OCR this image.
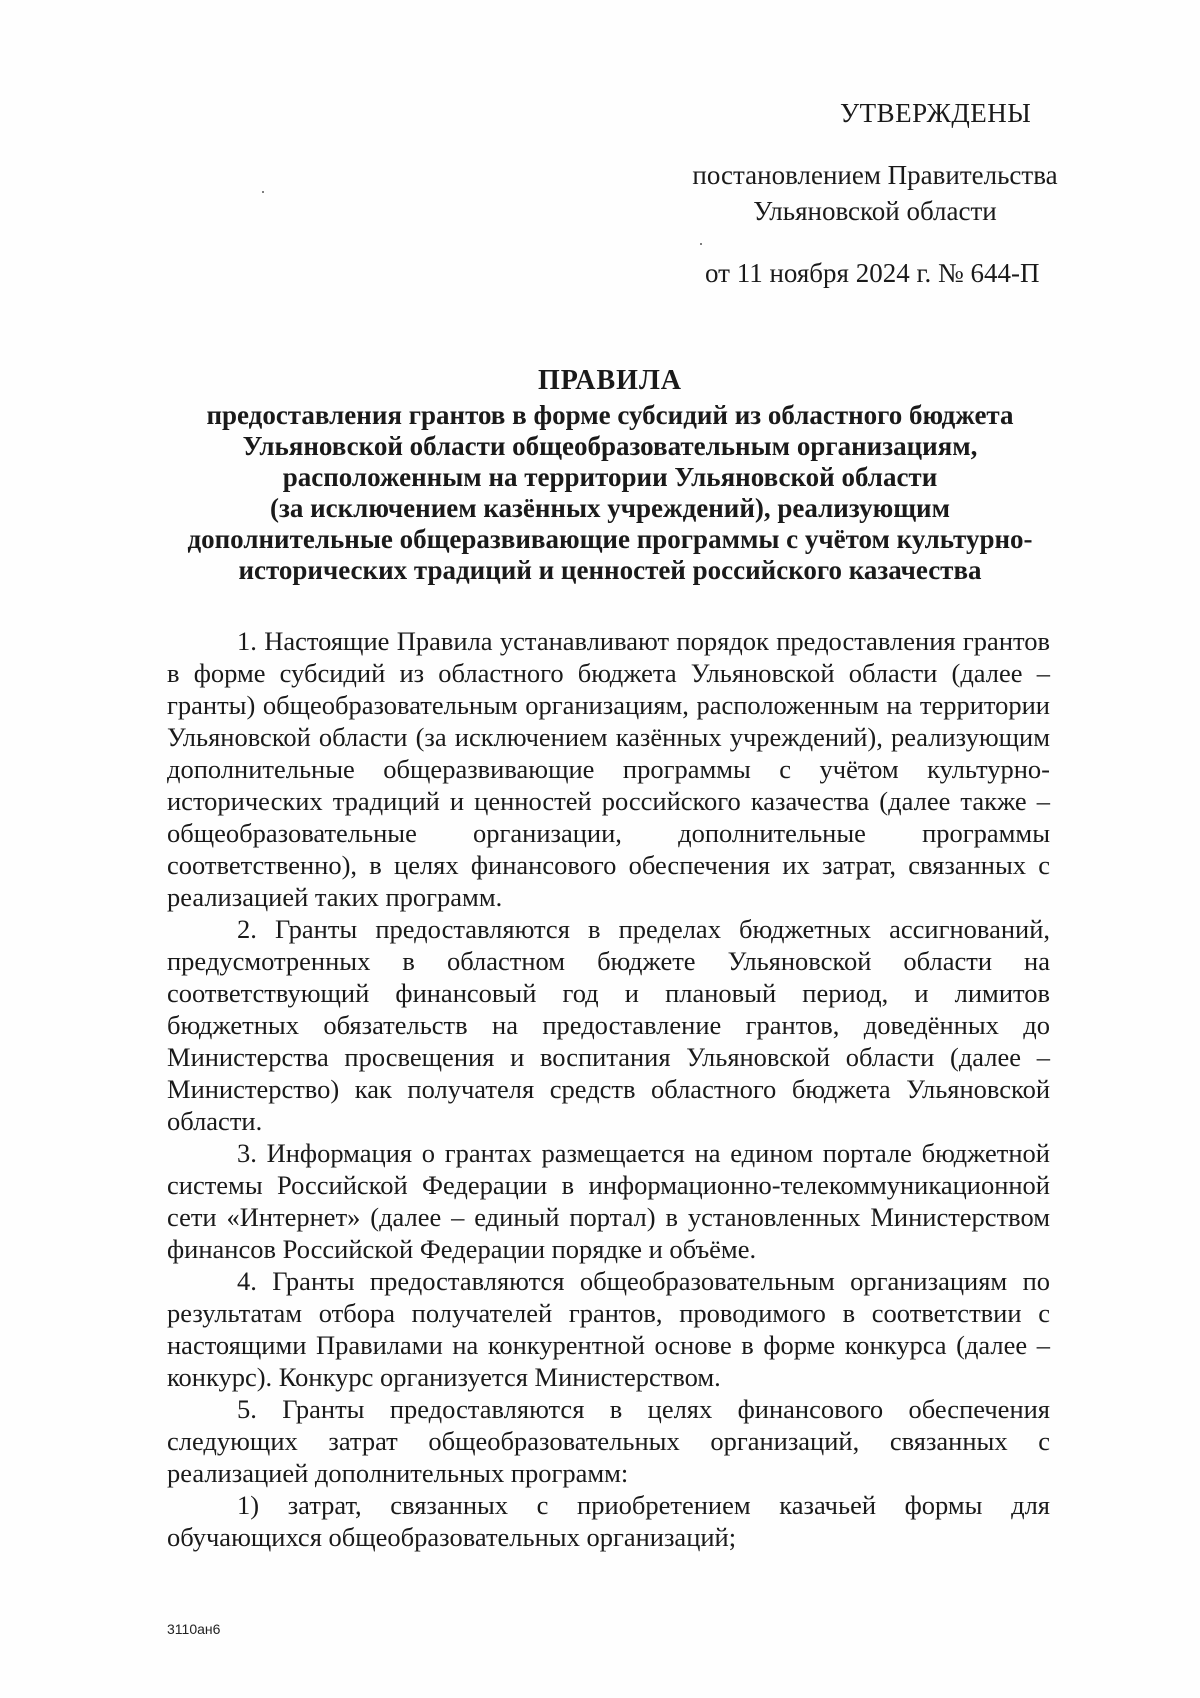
УТВЕРЖДЕНЫ
постановлением Правительства
Ульяновской области
от 11 ноября 2024 г. № 644-П
ПРАВИЛА
предоставления грантов в форме субсидий из областного бюджета
Ульяновской области общеобразовательным организациям,
расположенным на территории Ульяновской области
(за исключением казённых учреждений), реализующим
дополнительные общеразвивающие программы с учётом культурно-
исторических традиций и ценностей российского казачества

1. Настоящие Правила устанавливают порядок предоставления грантов в форме субсидий из областного бюджета Ульяновской области (далее – гранты) общеобразовательным организациям, расположенным на территории Ульяновской области (за исключением казённых учреждений), реализующим дополнительные общеразвивающие программы с учётом культурно-исторических традиций и ценностей российского казачества (далее также – общеобразовательные организации, дополнительные программы соответственно), в целях финансового обеспечения их затрат, связанных с реализацией таких программ.

2. Гранты предоставляются в пределах бюджетных ассигнований, предусмотренных в областном бюджете Ульяновской области на соответствующий финансовый год и плановый период, и лимитов бюджетных обязательств на предоставление грантов, доведённых до Министерства просвещения и воспитания Ульяновской области (далее – Министерство) как получателя средств областного бюджета Ульяновской области.

3. Информация о грантах размещается на едином портале бюджетной системы Российской Федерации в информационно-телекоммуникационной сети «Интернет» (далее – единый портал) в установленных Министерством финансов Российской Федерации порядке и объёме.

4. Гранты предоставляются общеобразовательным организациям по результатам отбора получателей грантов, проводимого в соответствии с настоящими Правилами на конкурентной основе в форме конкурса (далее – конкурс). Конкурс организуется Министерством.

5. Гранты предоставляются в целях финансового обеспечения следующих затрат общеобразовательных организаций, связанных с реализацией дополнительных программ:

1) затрат, связанных с приобретением казачьей формы для обучающихся общеобразовательных организаций;

3110ан6
